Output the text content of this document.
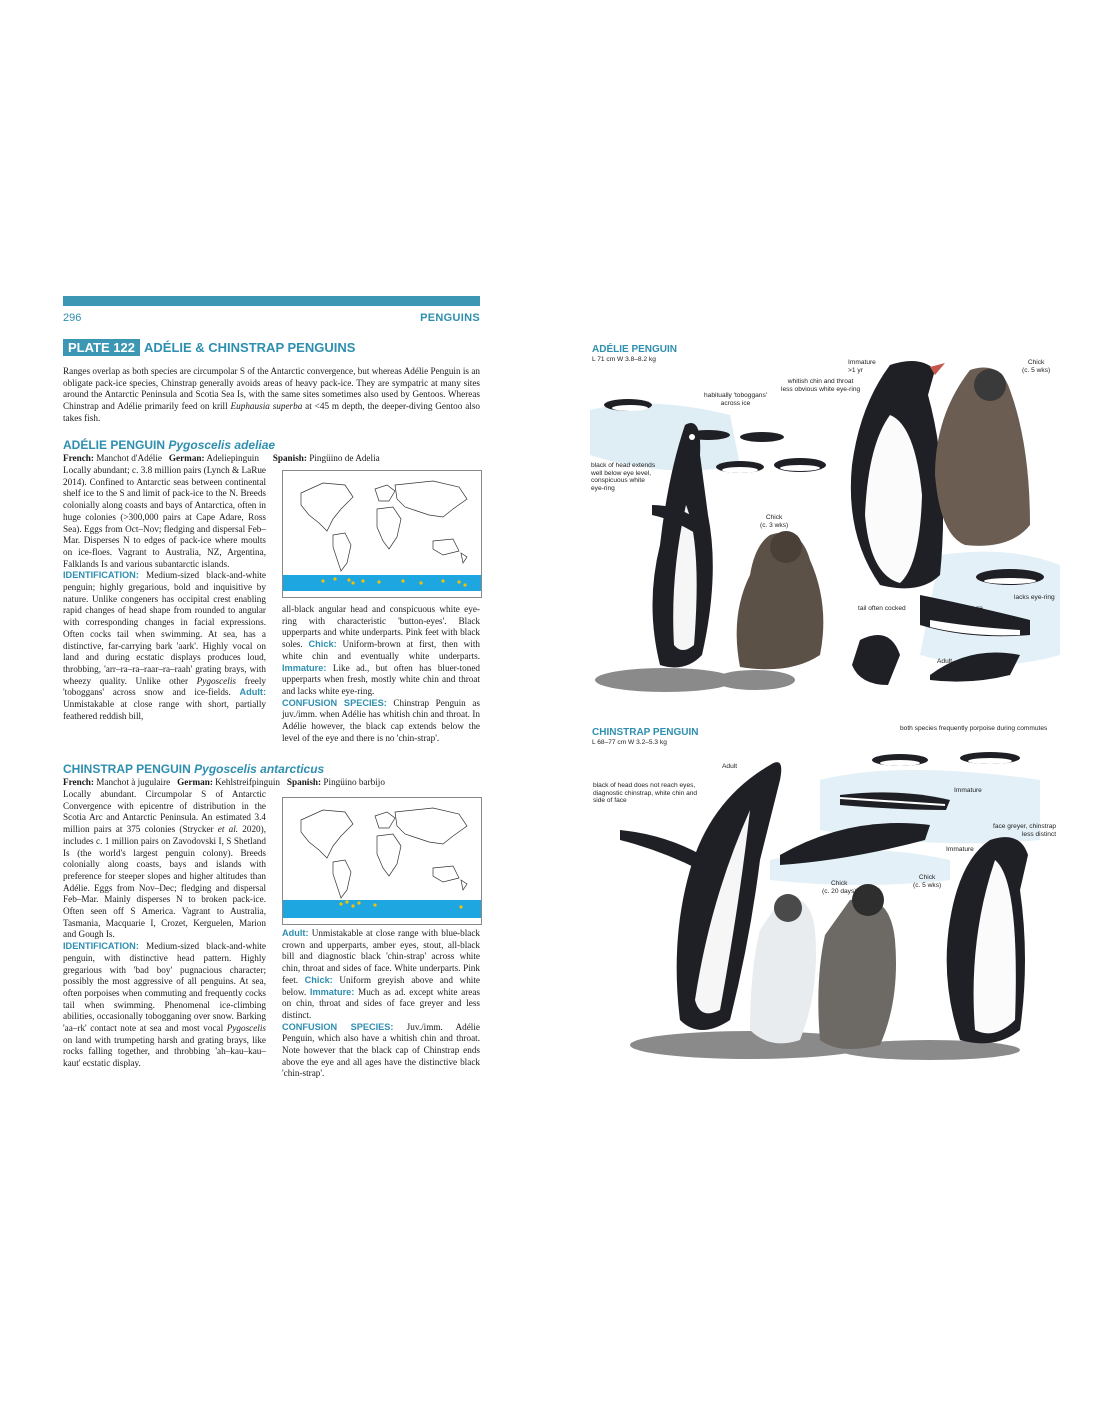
296	PENGUINS
PLATE 122 ADÉLIE & CHINSTRAP PENGUINS

Ranges overlap as both species are circumpolar S of the Antarctic convergence, but whereas Adélie Penguin is an obligate pack-ice species, Chinstrap generally avoids areas of heavy pack-ice. They are sympatric at many sites around the Antarctic Peninsula and Scotia Sea Is, with the same sites sometimes also used by Gentoos. Whereas Chinstrap and Adélie primarily feed on krill Euphausia superba at <45 m depth, the deeper-diving Gentoo also takes fish.

ADÉLIE PENGUIN Pygoscelis adeliae
French: Manchot d'Adélie German: Adeliepinguin Spanish: Pingüino de Adelia

Locally abundant; c. 3.8 million pairs (Lynch & LaRue 2014). Confined to Antarctic seas between continental shelf ice to the S and limit of pack-ice to the N. Breeds colonially along coasts and bays of Antarctica, often in huge colonies (>300,000 pairs at Cape Adare, Ross Sea). Eggs from Oct–Nov; fledging and dispersal Feb–Mar. Disperses N to edges of pack-ice where moults on ice-floes. Vagrant to Australia, NZ, Argentina, Falklands Is and various subantarctic islands.

IDENTIFICATION: Medium-sized black-and-white penguin; highly gregarious, bold and inquisitive by nature. Unlike congeners has occipital crest enabling rapid changes of head shape from rounded to angular with corresponding changes in facial expressions. Often cocks tail when swimming. At sea, has a distinctive, far-carrying bark 'aark'. Highly vocal on land and during ecstatic displays produces loud, throbbing, 'arr–ra–ra–raar–ra–raah' grating brays, with wheezy quality. Unlike other Pygoscelis freely 'toboggans' across snow and ice-fields. Adult: Unmistakable at close range with short, partially feathered reddish bill,

all-black angular head and conspicuous white eye-ring with characteristic 'button-eyes'. Black upperparts and white underparts. Pink feet with black soles. Chick: Uniform-brown at first, then with white chin and eventually white underparts. Immature: Like ad., but often has bluer-toned upperparts when fresh, mostly white chin and throat and lacks white eye-ring.

CONFUSION SPECIES: Chinstrap Penguin as juv./imm. when Adélie has whitish chin and throat. In Adélie however, the black cap extends below the level of the eye and there is no 'chin-strap'.

CHINSTRAP PENGUIN Pygoscelis antarcticus
French: Manchot à jugulaire German: Kehlstreifpinguin Spanish: Pingüino barbijo

Locally abundant. Circumpolar S of Antarctic Convergence with epicentre of distribution in the Scotia Arc and Antarctic Peninsula. An estimated 3.4 million pairs at 375 colonies (Strycker et al. 2020), includes c. 1 million pairs on Zavodovski I, S Shetland Is (the world's largest penguin colony). Breeds colonially along coasts, bays and islands with preference for steeper slopes and higher altitudes than Adélie. Eggs from Nov–Dec; fledging and dispersal Feb–Mar. Mainly disperses N to broken pack-ice. Often seen off S America. Vagrant to Australia, Tasmania, Macquarie I, Crozet, Kerguelen, Marion and Gough Is.

IDENTIFICATION: Medium-sized black-and-white penguin, with distinctive head pattern. Highly gregarious with 'bad boy' pugnacious character; possibly the most aggressive of all penguins. At sea, often porpoises when commuting and frequently cocks tail when swimming. Phenomenal ice-climbing abilities, occasionally tobogganing over snow. Barking 'aa–rk' contact note at sea and most vocal Pygoscelis on land with trumpeting harsh and grating brays, like rocks falling together, and throbbing 'ah–kau–kau–kaut' ecstatic display.

Adult: Unmistakable at close range with blue-black crown and upperparts, amber eyes, stout, all-black bill and diagnostic black 'chin-strap' across white chin, throat and sides of face. White underparts. Pink feet. Chick: Uniform greyish above and white below. Immature: Much as ad. except white areas on chin, throat and sides of face greyer and less distinct.

CONFUSION SPECIES: Juv./imm. Adélie Penguin, which also have a whitish chin and throat. Note however that the black cap of Chinstrap ends above the eye and all ages have the distinctive black 'chin-strap'.

ADÉLIE PENGUIN
L 71 cm W 3.8–8.2 kg	Immature
>1 yr
Chick
(c. 5 wks)
whitish chin and throat
less obvious white eye-ring
habitually 'toboggans'
across ice
black of head extends
well below eye level,
conspicuous white
eye-ring
Chick
(c. 3 wks)
lacks eye-ring
tail often cocked	Immature
(c. 6 mos)
Adult
CHINSTRAP PENGUIN
L 68–77 cm W 3.2–5.3 kg
both species frequently porpoise during commutes
Adult
black of head does not reach eyes,
diagnostic chinstrap, white chin and
side of face
Immature
Adult
face greyer, chinstrap
less distinct
Immature
Chick
(c. 5 wks)
Chick
(c. 20 days)
